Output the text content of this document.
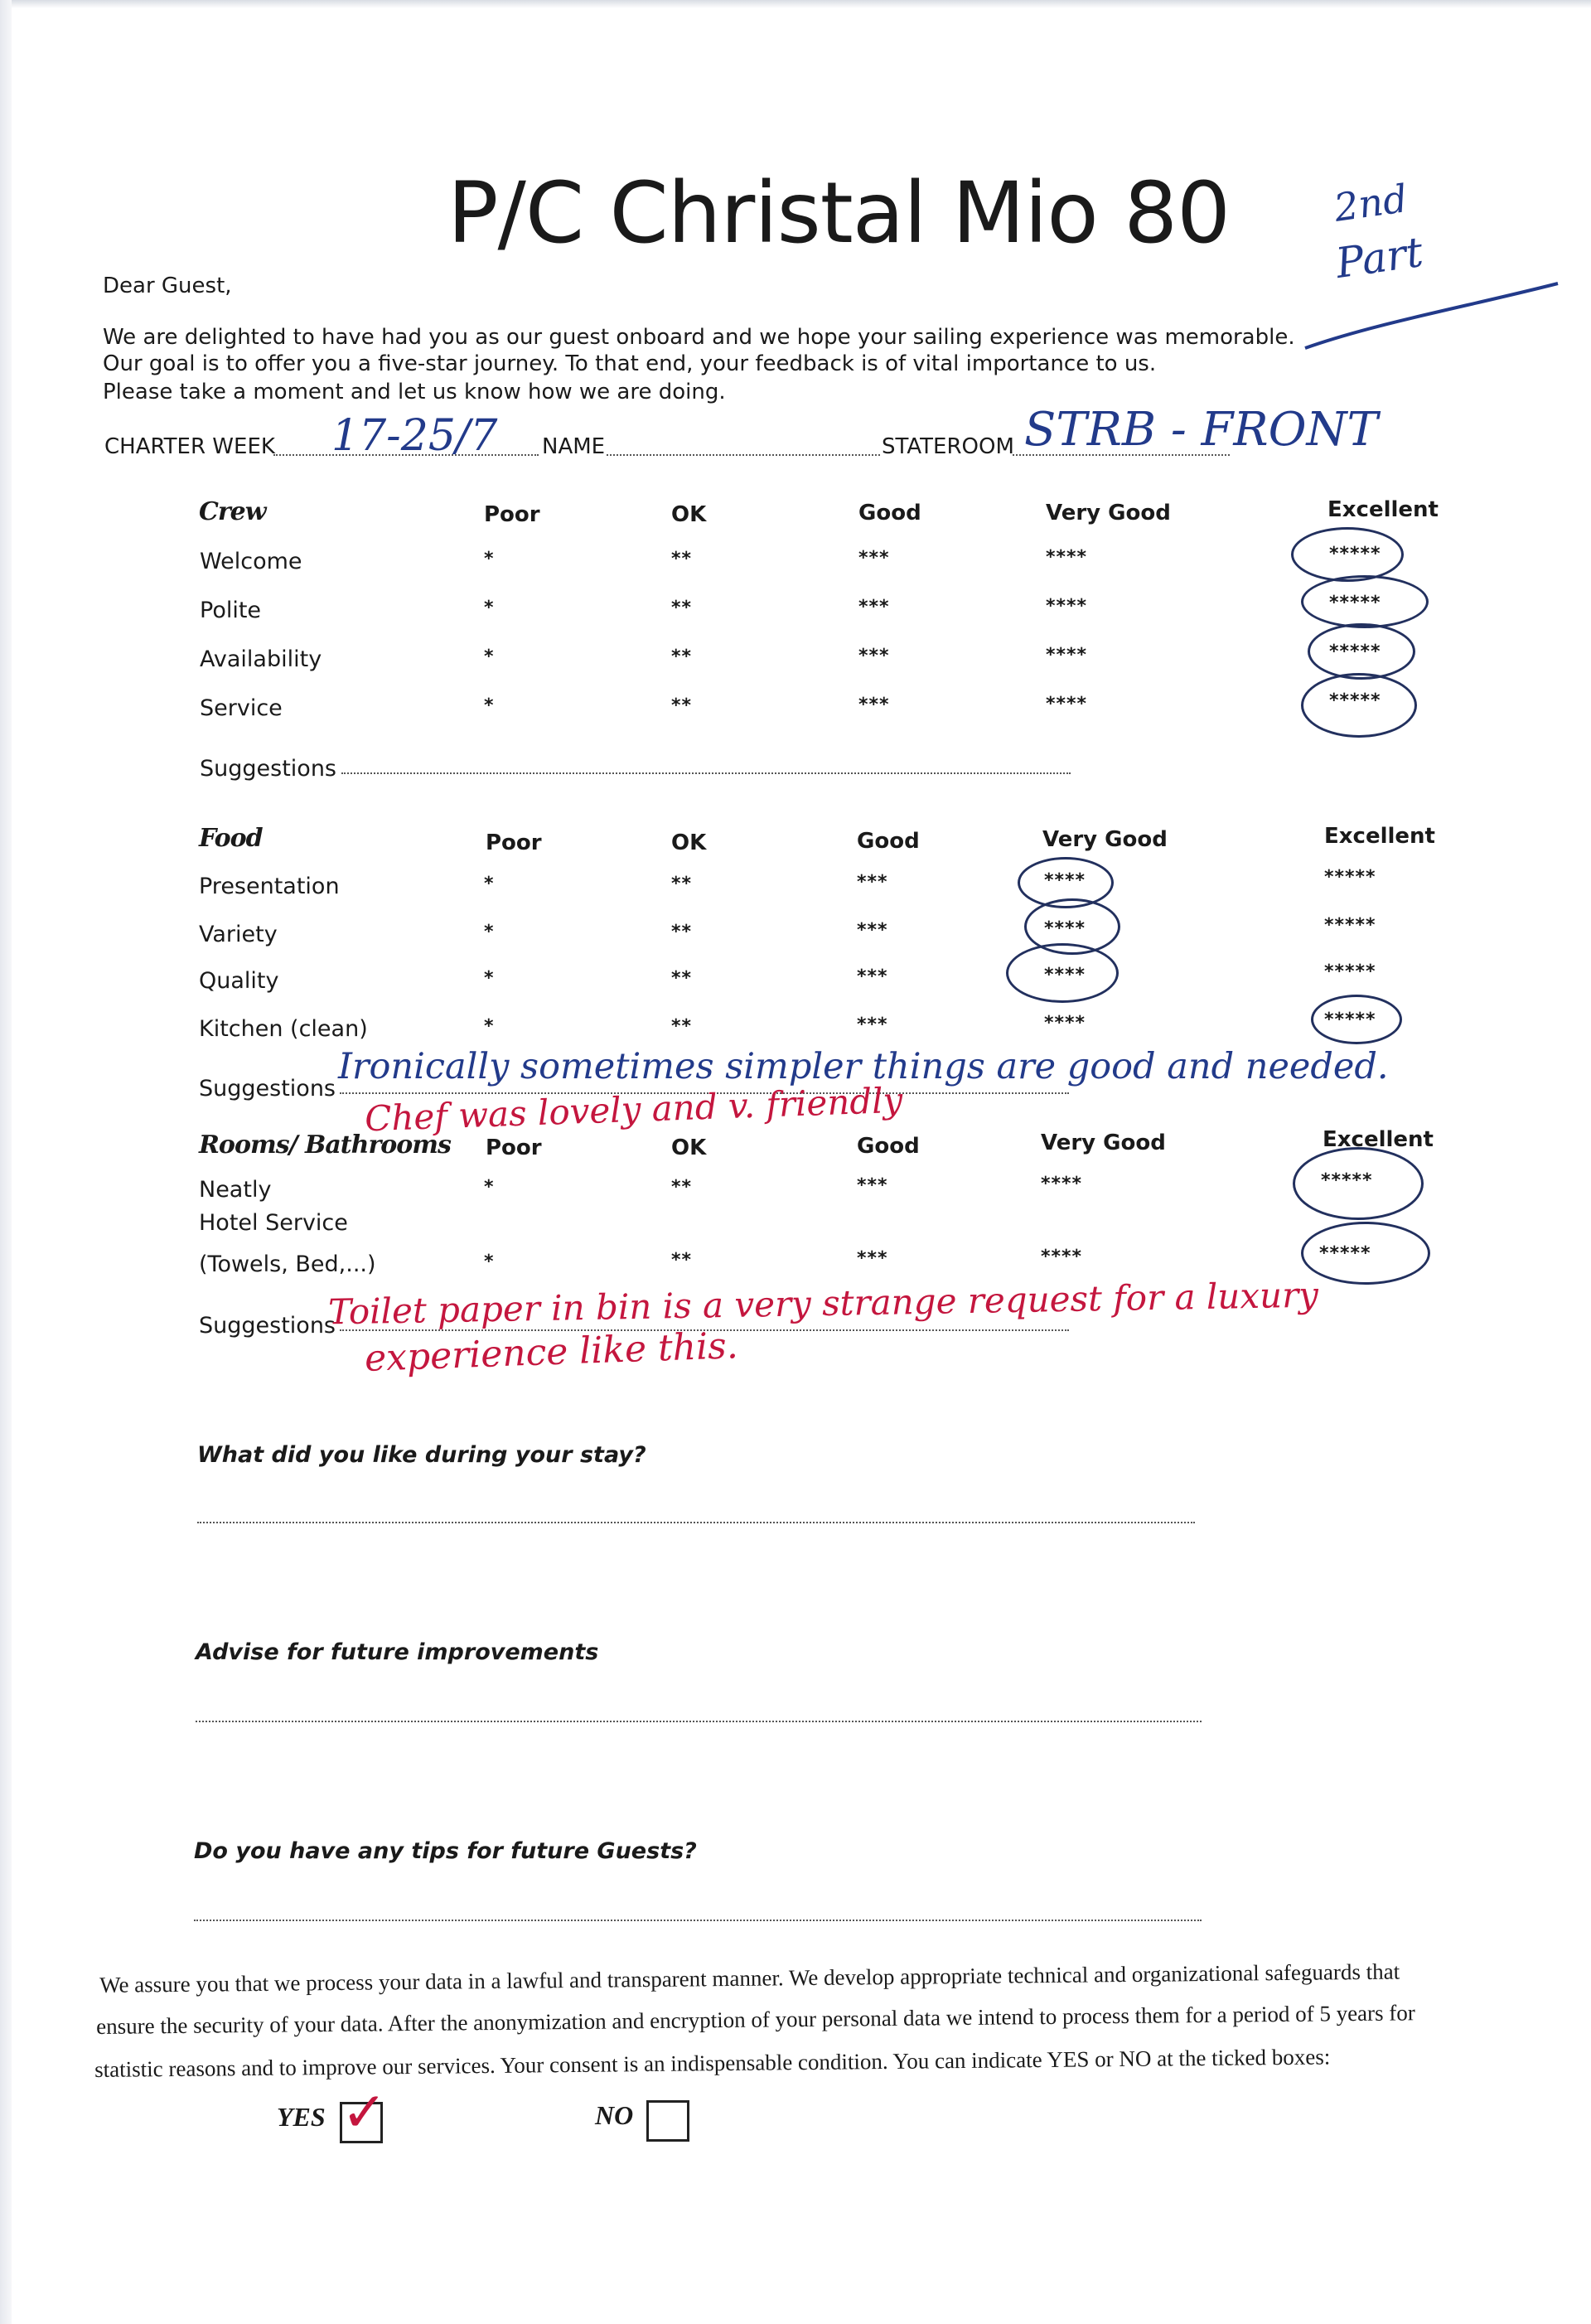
P/C Christal Mio 80	2nd
Part
Dear Guest,
We are delighted to have had you as our guest onboard and we hope your sailing experience was memorable.
Our goal is to offer you a five-star journey. To that end, your feedback is of vital importance to us.
Please take a moment and let us know how we are doing.
CHARTER WEEK 17-25/7 NAME	STATEROOM STRB - FRONT
Crew	Poor	OK	Good	Very Good	Excellent
Welcome	*	**	***	****	*****
Polite	*	**	***	****	*****
Availability	*	**	***	****	*****
Service	*	**	***	****	*****
Suggestions
Food	Poor	OK	Good	Very Good	Excellent
Presentation	*	**	***	****	*****
Variety	*	**	***	****	*****
Quality	*	**	***	****	*****
Kitchen (clean)	*	**	***	****	*****
Suggestions
Ironically sometimes simpler things are good and needed.
Chef was lovely and v. friendly
Rooms/ Bathrooms Poor	OK	Good	Very Good	Excellent
Neatly	*	**	***	****	*****
Hotel Service
(Towels, Bed,...)	*	**	***	****	*****
Suggestions
Toilet paper in bin is a very strange request for a luxury
experience like this.
What did you like during your stay?
Advise for future improvements
Do you have any tips for future Guests?
We assure you that we process your data in a lawful and transparent manner. We develop appropriate technical and organizational safeguards that
ensure the security of your data. After the anonymization and encryption of your personal data we intend to process them for a period of 5 years for
statistic reasons and to improve our services. Your consent is an indispensable condition. You can indicate YES or NO at the ticked boxes:
YES ✓	NO
